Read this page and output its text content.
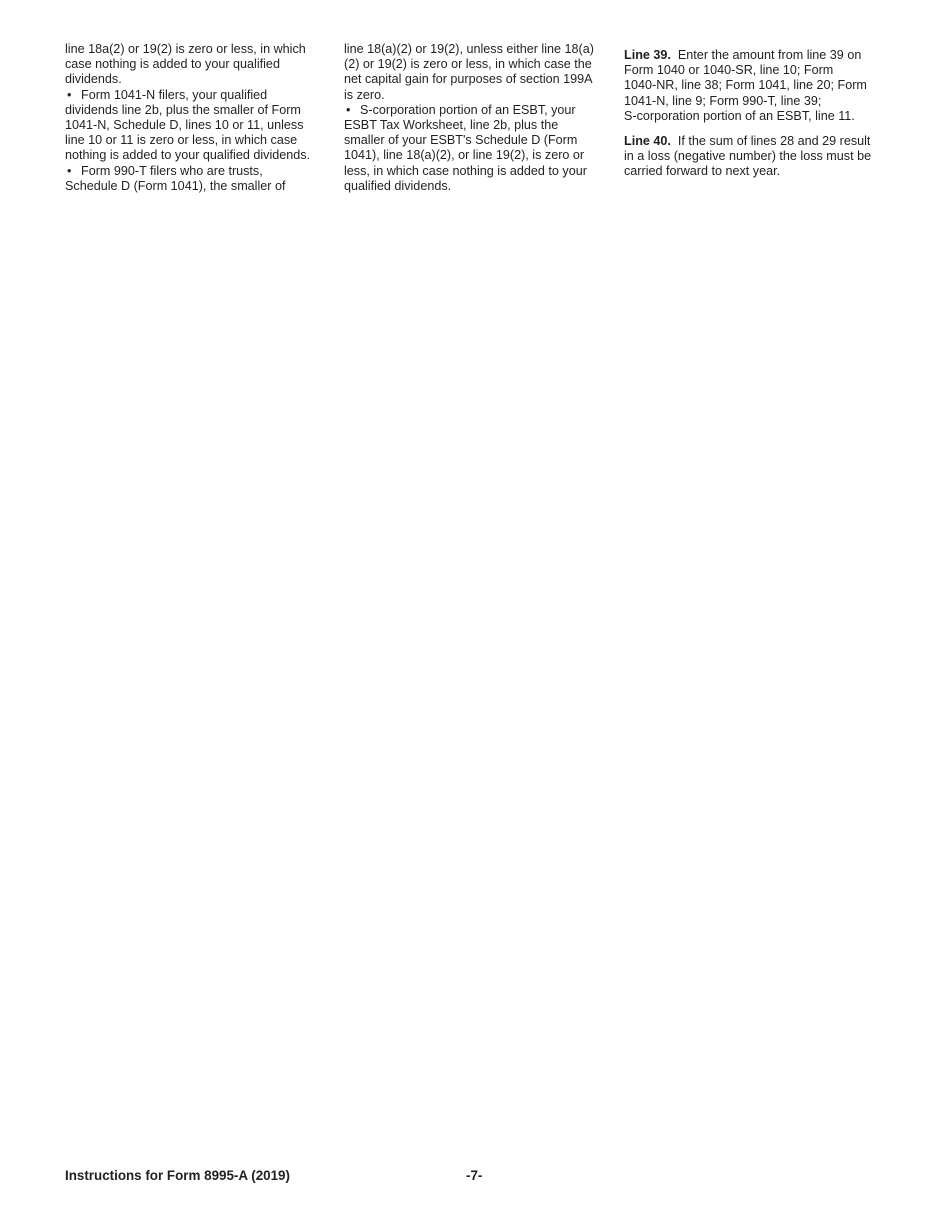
line 18a(2) or 19(2) is zero or less, in which
case nothing is added to your qualified
dividends.
• Form 1041-N filers, your qualified
dividends line 2b, plus the smaller of Form
1041-N, Schedule D, lines 10 or 11, unless
line 10 or 11 is zero or less, in which case
nothing is added to your qualified dividends.
• Form 990-T filers who are trusts,
Schedule D (Form 1041), the smaller of
line 18(a)(2) or 19(2), unless either line 18(a)
(2) or 19(2) is zero or less, in which case the
net capital gain for purposes of section 199A
is zero.
• S-corporation portion of an ESBT, your
ESBT Tax Worksheet, line 2b, plus the
smaller of your ESBT's Schedule D (Form
1041), line 18(a)(2), or line 19(2), is zero or
less, in which case nothing is added to your
qualified dividends.
Line 39. Enter the amount from line 39 on
Form 1040 or 1040-SR, line 10; Form
1040-NR, line 38; Form 1041, line 20; Form
1041-N, line 9; Form 990-T, line 39;
S-corporation portion of an ESBT, line 11.
Line 40. If the sum of lines 28 and 29 result
in a loss (negative number) the loss must be
carried forward to next year.
Instructions for Form 8995-A (2019)	-7-
